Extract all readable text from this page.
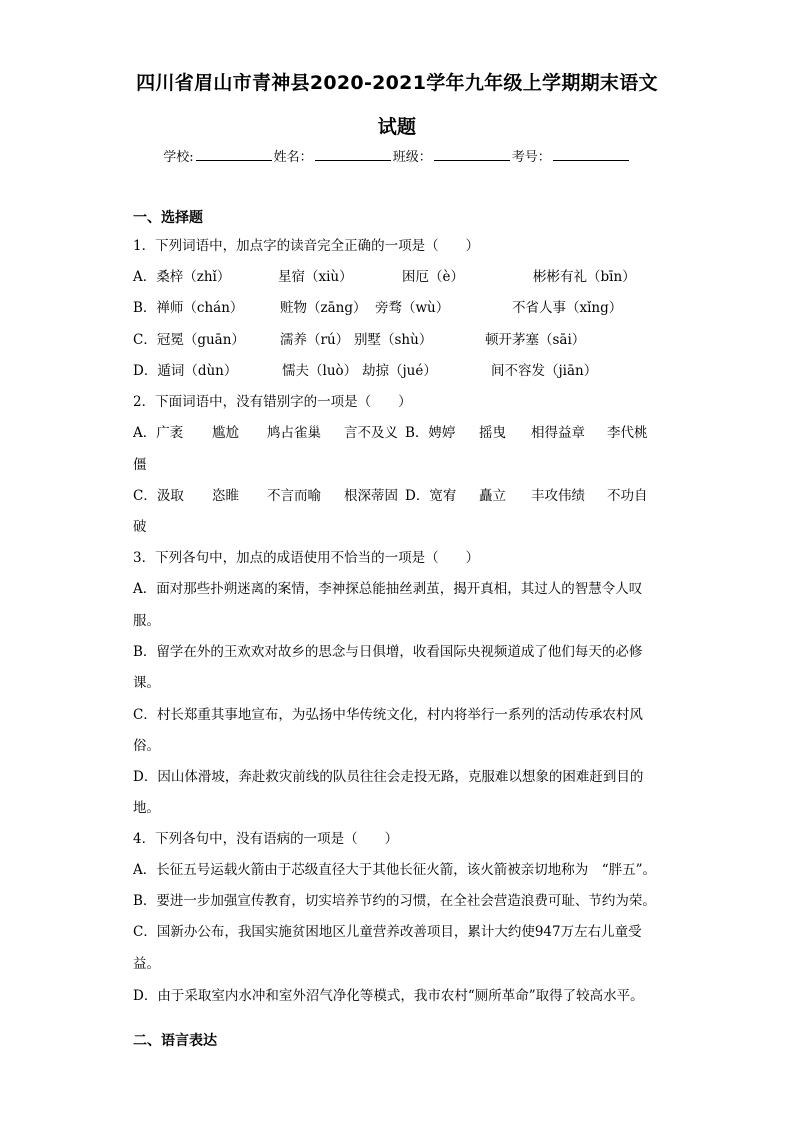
四川省眉山市青神县2020-2021学年九年级上学期期末语文
试题
学校:	姓名：	班级：	考号：
一、选择题
1．下列词语中，加点字的读音完全正确的一项是（　　）
A．桑梓（zhǐ）	星宿（xiù）	困厄（è）	彬彬有礼（bīn）
B．禅师（chán）	赃物（zāng） 旁骛（wù）	不省人事（xǐng）
C．冠冕（guān）	濡养（rú） 别墅（shù）	顿开茅塞（sāi）
D．遁词（dùn）	懦夫（luò） 劫掠（jué）	间不容发（jiān）
2．下面词语中，没有错别字的一项是（　　）
A．广袤 尴尬 鸠占雀巢 言不及义 B．娉婷 摇曳 相得益章 李代桃
僵
C．汲取 恣睢 不言而喻 根深蒂固 D．宽宥 矗立 丰攻伟绩 不功自
破
3．下列各句中，加点的成语使用不恰当的一项是（　　）
A．面对那些扑朔迷离的案情，李神探总能抽丝剥茧，揭开真相，其过人的智慧令人叹
服。
B．留学在外的王欢欢对故乡的思念与日俱增，收看国际央视频道成了他们每天的必修
课。
C．村长郑重其事地宣布，为弘扬中华传统文化，村内将举行一系列的活动传承农村风
俗。
D．因山体滑坡，奔赴救灾前线的队员往往会走投无路，克服难以想象的困难赶到目的
地。
4．下列各句中，没有语病的一项是（　　）
A．长征五号运载火箭由于芯级直径大于其他长征火箭，该火箭被亲切地称为　“胖五”。
B．要进一步加强宣传教育，切实培养节约的习惯，在全社会营造浪费可耻、节约为荣。
C．国新办公布，我国实施贫困地区儿童营养改善项目，累计大约使947万左右儿童受
益。
D．由于采取室内水冲和室外沼气净化等模式，我市农村“厕所革命”取得了较高水平。
二、语言表达
